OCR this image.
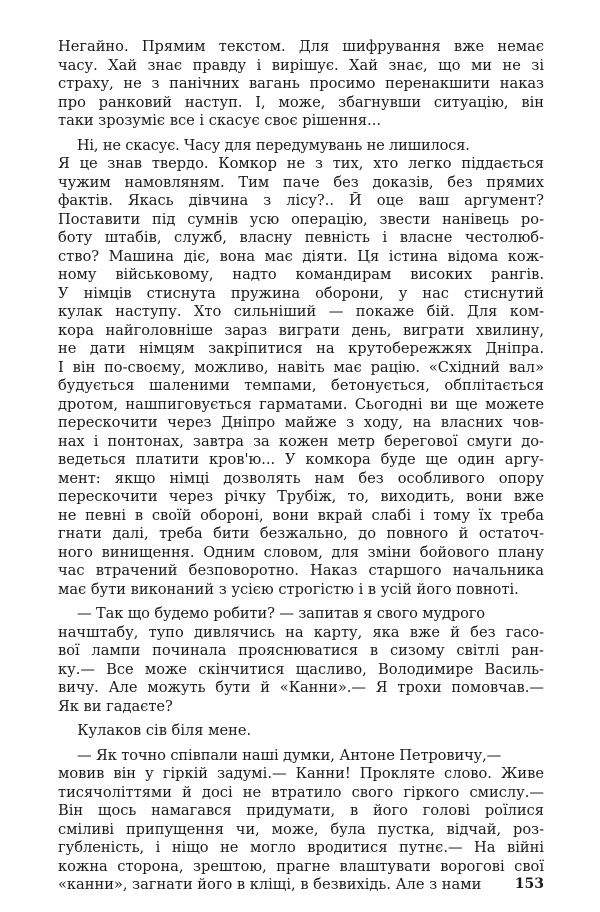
Негайно. Прямим текстом. Для шифрування вже немає
часу. Хай знає правду і вирішує. Хай знає, що ми не зі
страху, не з панічних вагань просимо перенакшити наказ
про ранковий наступ. І, може, збагнувши ситуацію, він
таки зрозуміє все і скасує своє рішення...
  Ні, не скасує. Часу для передумувань не лишилося.
Я це знав твердо. Комкор не з тих, хто легко піддається
чужим намовляням. Тим паче без доказів, без прямих
фактів. Якась дівчина з лісу?.. Й оце ваш аргумент?
Поставити під сумнів усю операцію, звести нанівець ро-
боту штабів, служб, власну певність і власне честолюб-
ство? Машина діє, вона має діяти. Ця істина відома кож-
ному військовому, надто командирам високих рангів.
У німців стиснута пружина оборони, у нас стиснутий
кулак наступу. Хто сильніший — покаже бій. Для ком-
кора найголовніше зараз виграти день, виграти хвилину,
не дати німцям закріпитися на крутобережжях Дніпра.
І він по-своєму, можливо, навіть має рацію. «Східний вал»
будується шаленими темпами, бетонується, обплітається
дротом, нашпиговується гарматами. Сьогодні ви ще можете
перескочити через Дніпро майже з ходу, на власних чов-
нах і понтонах, завтра за кожен метр берегової смуги до-
ведеться платити кров'ю... У комкора буде ще один аргу-
мент: якщо німці дозволять нам без особливого опору
перескочити через річку Трубіж, то, виходить, вони вже
не певні в своїй обороні, вони вкрай слабі і тому їх треба
гнати далі, треба бити безжально, до повного й остаточ-
ного винищення. Одним словом, для зміни бойового плану
час втрачений безповоротно. Наказ старшого начальника
має бути виконаний з усією строгістю і в усій його повноті.
  — Так що будемо робити? — запитав я свого мудрого
начштабу, тупо дивлячись на карту, яка вже й без гасо-
вої лампи починала прояснюватися в сизому світлі ран-
ку.— Все може скінчитися щасливо, Володимире Василь-
вичу. Але можуть бути й «Канни».— Я трохи помовчав.—
Як ви гадаєте?
  Кулаков сів біля мене.
  — Як точно співпали наші думки, Антоне Петровичу,—
мовив він у гіркій задумі.— Канни! Прокляте слово. Живе
тисячоліттями й досі не втратило свого гіркого смислу.—
Він щось намагався придумати, в його голові роїлися
сміливі припущення чи, може, була пустка, відчай, роз-
губленість, і ніщо не могло вродитися путнє.— На війні
кожна сторона, зрештою, прагне влаштувати ворогові свої
«канни», загнати його в кліщі, в безвихідь. Але з нами	153
